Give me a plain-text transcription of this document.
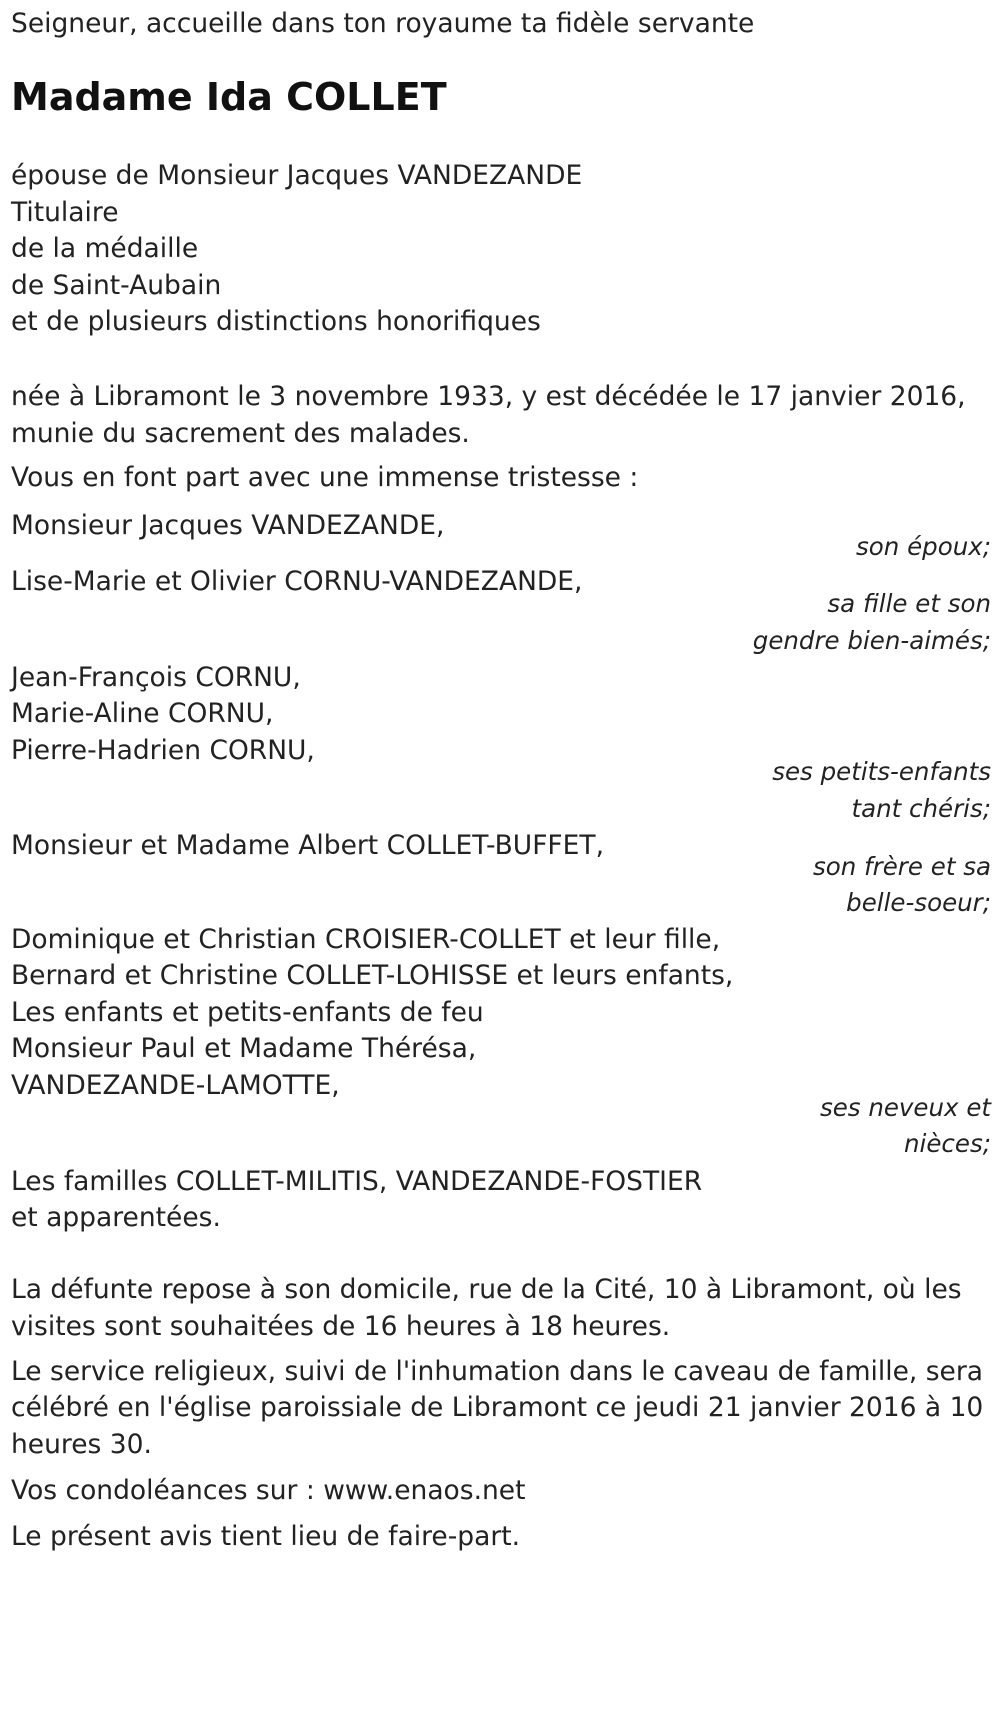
Seigneur, accueille dans ton royaume ta fidèle servante

Madame Ida COLLET

épouse de Monsieur Jacques VANDEZANDE

Titulaire

de la médaille

de Saint-Aubain

et de plusieurs distinctions honorifiques

née à Libramont le 3 novembre 1933, y est décédée le 17 janvier 2016,

munie du sacrement des malades.

Vous en font part avec une immense tristesse :

Monsieur Jacques VANDEZANDE,

son époux;

Lise-Marie et Olivier CORNU-VANDEZANDE,

sa fille et son

gendre bien-aimés;

Jean-François CORNU,

Marie-Aline CORNU,

Pierre-Hadrien CORNU,

ses petits-enfants

tant chéris;

Monsieur et Madame Albert COLLET-BUFFET,

son frère et sa

belle-soeur;

Dominique et Christian CROISIER-COLLET et leur fille,

Bernard et Christine COLLET-LOHISSE et leurs enfants,

Les enfants et petits-enfants de feu

Monsieur Paul et Madame Thérésa,

VANDEZANDE-LAMOTTE,

ses neveux et

nièces;

Les familles COLLET-MILITIS, VANDEZANDE-FOSTIER

et apparentées.

La défunte repose à son domicile, rue de la Cité, 10 à Libramont, où les

visites sont souhaitées de 16 heures à 18 heures.

Le service religieux, suivi de l'inhumation dans le caveau de famille, sera

célébré en l'église paroissiale de Libramont ce jeudi 21 janvier 2016 à 10

heures 30.

Vos condoléances sur : www.enaos.net

Le présent avis tient lieu de faire-part.
